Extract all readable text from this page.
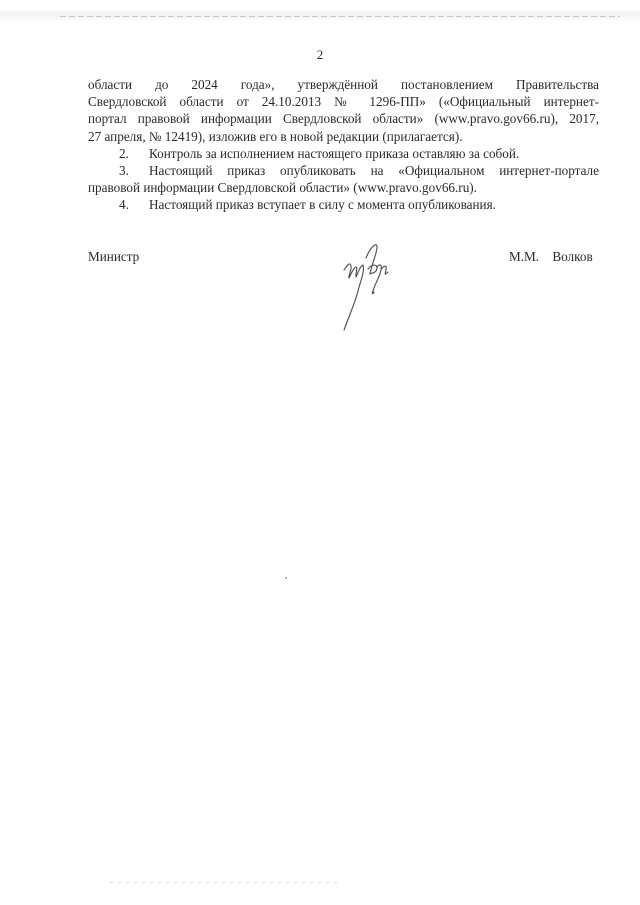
2
области до 2024 года», утверждённой постановлением Правительства
Свердловской области от 24.10.2013 № 1296-ПП» («Официальный интернет-
портал правовой информации Свердловской области» (www.pravo.gov66.ru), 2017,
27 апреля, № 12419), изложив его в новой редакции (прилагается).
2. Контроль за исполнением настоящего приказа оставляю за собой.
3. Настоящий приказ опубликовать на «Официальном интернет-портале
правовой информации Свердловской области» (www.pravo.gov66.ru).
4. Настоящий приказ вступает в силу с момента опубликования.
Министр	М.М. Волков
